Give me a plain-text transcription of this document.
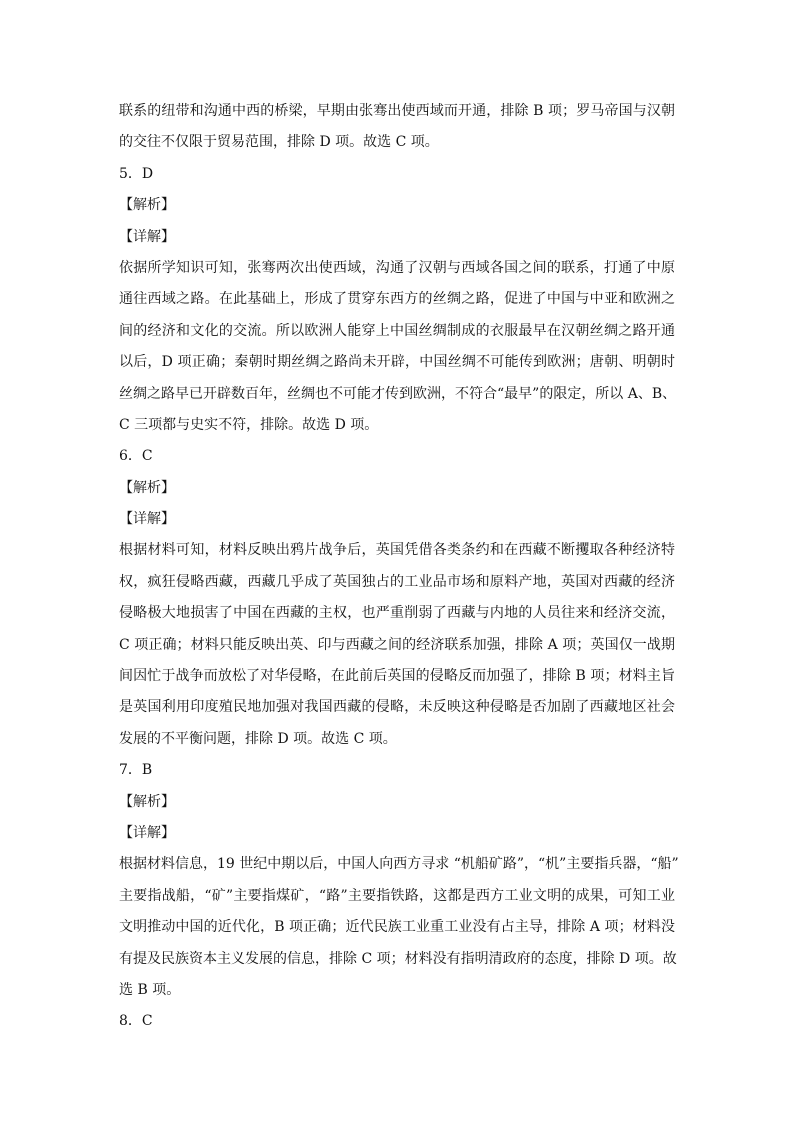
联系的纽带和沟通中西的桥梁，早期由张骞出使西域而开通，排除 B 项；罗马帝国与汉朝
的交往不仅限于贸易范围，排除 D 项。故选 C 项。
5．D
【解析】
【详解】
依据所学知识可知，张骞两次出使西域，沟通了汉朝与西域各国之间的联系，打通了中原
通往西域之路。在此基础上，形成了贯穿东西方的丝绸之路，促进了中国与中亚和欧洲之
间的经济和文化的交流。所以欧洲人能穿上中国丝绸制成的衣服最早在汉朝丝绸之路开通
以后，D 项正确；秦朝时期丝绸之路尚未开辟，中国丝绸不可能传到欧洲；唐朝、明朝时
丝绸之路早已开辟数百年，丝绸也不可能才传到欧洲，不符合“最早”的限定，所以 A、B、
C 三项都与史实不符，排除。故选 D 项。
6．C
【解析】
【详解】
根据材料可知，材料反映出鸦片战争后，英国凭借各类条约和在西藏不断攫取各种经济特
权，疯狂侵略西藏，西藏几乎成了英国独占的工业品市场和原料产地，英国对西藏的经济
侵略极大地损害了中国在西藏的主权，也严重削弱了西藏与内地的人员往来和经济交流，
C 项正确；材料只能反映出英、印与西藏之间的经济联系加强，排除 A 项；英国仅一战期
间因忙于战争而放松了对华侵略，在此前后英国的侵略反而加强了，排除 B 项；材料主旨
是英国利用印度殖民地加强对我国西藏的侵略，未反映这种侵略是否加剧了西藏地区社会
发展的不平衡问题，排除 D 项。故选 C 项。
7．B
【解析】
【详解】
根据材料信息，19 世纪中期以后，中国人向西方寻求 “机船矿路”，“机”主要指兵器，“船”
主要指战船，“矿”主要指煤矿，“路”主要指铁路，这都是西方工业文明的成果，可知工业
文明推动中国的近代化，B 项正确；近代民族工业重工业没有占主导，排除 A 项；材料没
有提及民族资本主义发展的信息，排除 C 项；材料没有指明清政府的态度，排除 D 项。故
选 B 项。
8．C
